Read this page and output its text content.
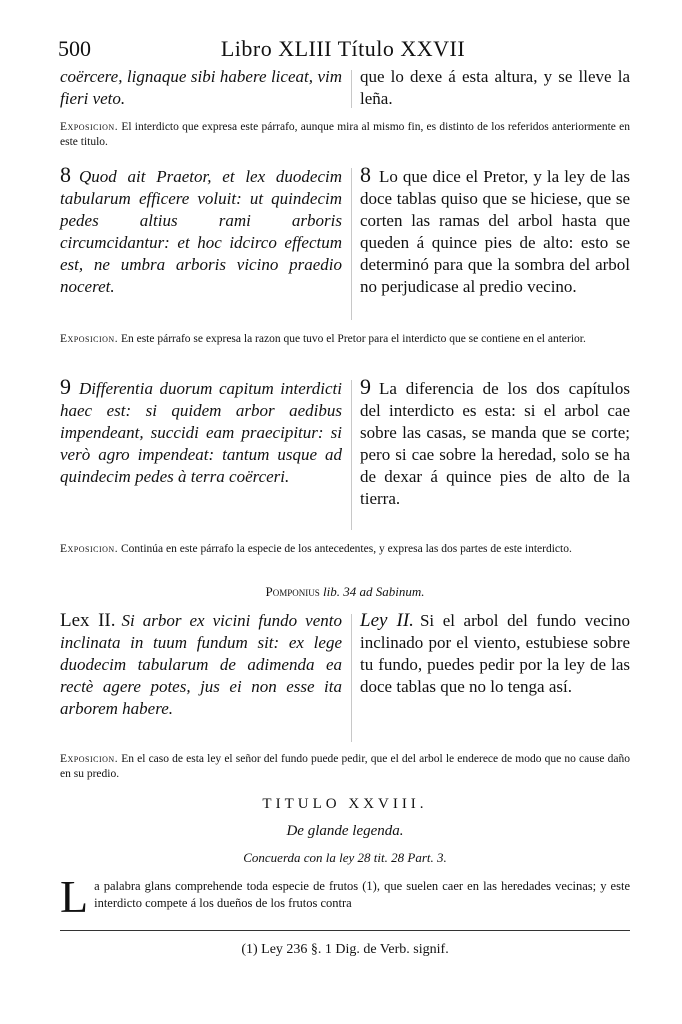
500	Libro XLIII Título XXVII
coërcere, lignaque sibi habere liceat, vim fieri veto.
que lo dexe á esta altura, y se lleve la leña.
Exposicion. El interdicto que expresa este párrafo, aunque mira al mismo fin, es distinto de los referidos anteriormente en este titulo.
8 Quod ait Praetor, et lex duodecim tabularum efficere voluit: ut quindecim pedes altius rami arboris circumcidantur: et hoc idcirco effectum est, ne umbra arboris vicino praedio noceret.
8 Lo que dice el Pretor, y la ley de las doce tablas quiso que se hiciese, que se corten las ramas del arbol hasta que queden á quince pies de alto: esto se determinó para que la sombra del arbol no perjudicase al predio vecino.
Exposicion. En este párrafo se expresa la razon que tuvo el Pretor para el interdicto que se contiene en el anterior.
9 Differentia duorum capitum interdicti haec est: si quidem arbor aedibus impendeant, succidi eam praecipitur: si verò agro impendeat: tantum usque ad quindecim pedes à terra coërceri.
9 La diferencia de los dos capítulos del interdicto es esta: si el arbol cae sobre las casas, se manda que se corte; pero si cae sobre la heredad, solo se ha de dexar á quince pies de alto de la tierra.
Exposicion. Continúa en este párrafo la especie de los antecedentes, y expresa las dos partes de este interdicto.
Pomponius lib. 34 ad Sabinum.
Lex II. Si arbor ex vicini fundo vento inclinata in tuum fundum sit: ex lege duodecim tabularum de adimenda ea rectè agere potes, jus ei non esse ita arborem habere.
Ley II. Si el arbol del fundo vecino inclinado por el viento, estubiese sobre tu fundo, puedes pedir por la ley de las doce tablas que no lo tenga así.
Exposicion. En el caso de esta ley el señor del fundo puede pedir, que el del arbol le enderece de modo que no cause daño en su predio.
TITULO XXVIII.
De glande legenda.
Concuerda con la ley 28 tit. 28 Part. 3.
L a palabra glans comprehende toda especie de frutos (1), que suelen caer en las heredades vecinas; y este interdicto compete á los dueños de los frutos contra
(1) Ley 236 §. 1 Dig. de Verb. signif.
